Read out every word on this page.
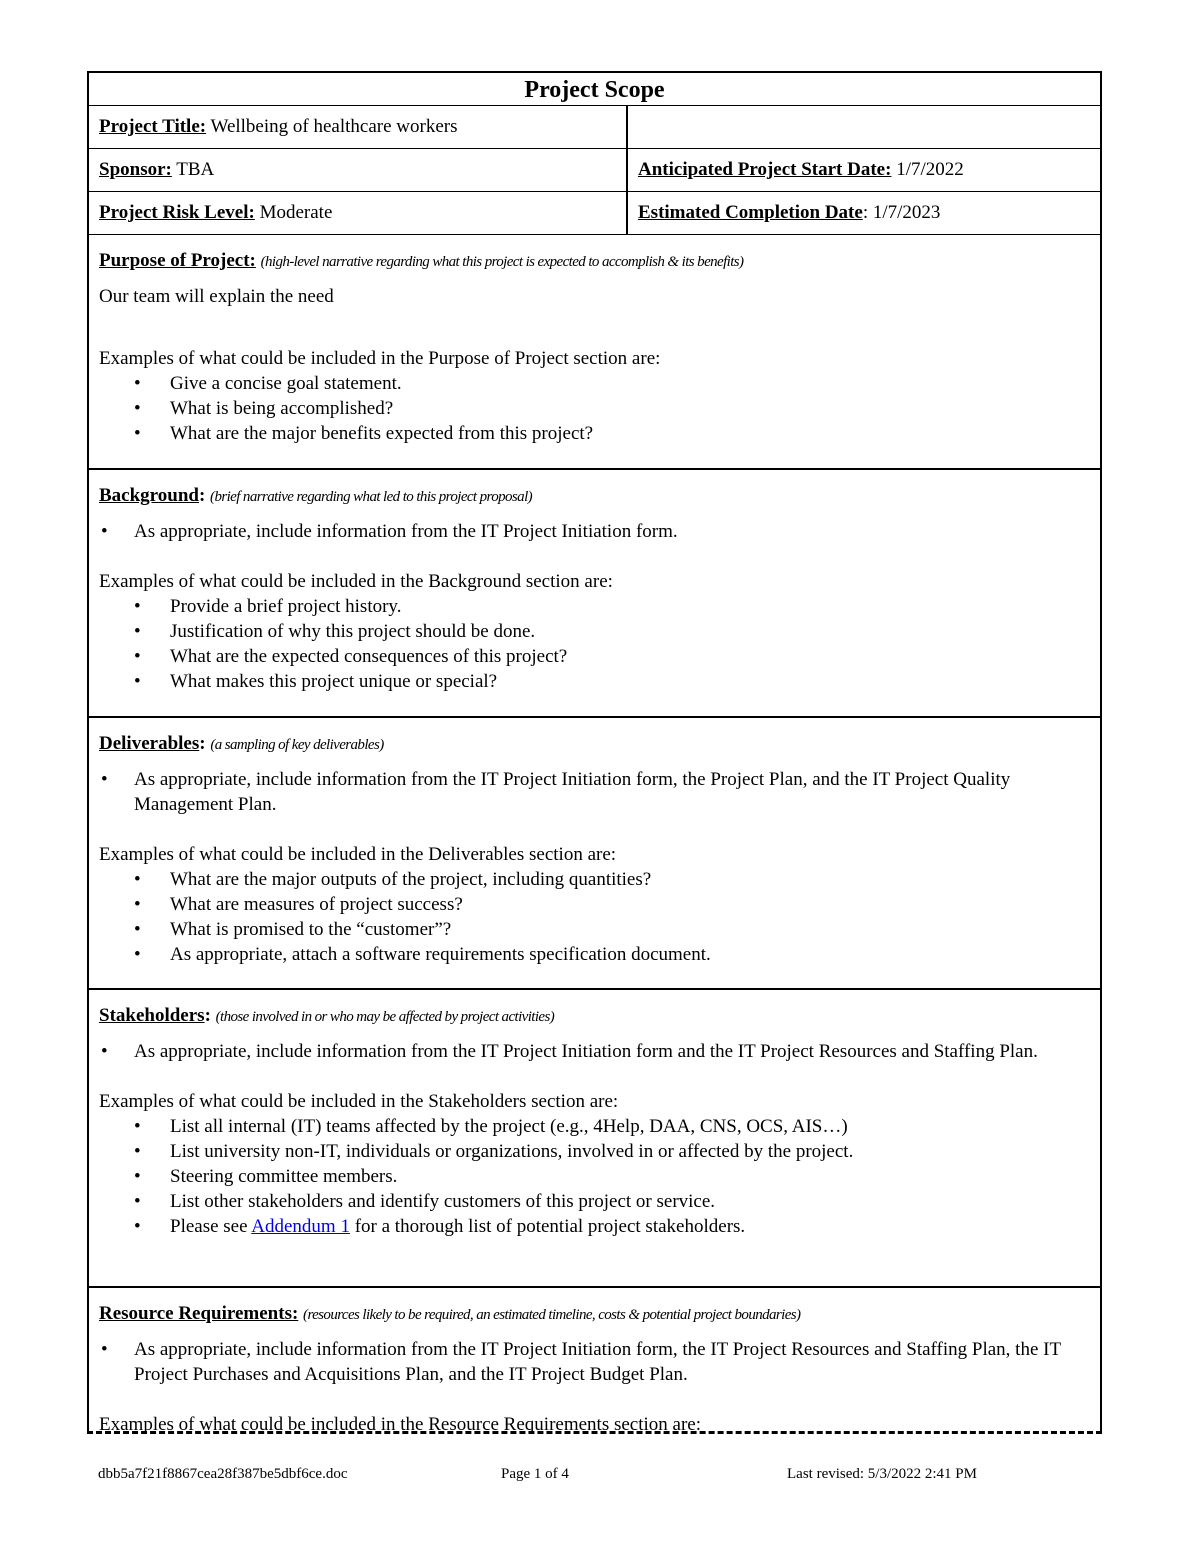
Project Scope
Project Title: Wellbeing of healthcare workers
Sponsor: TBA	Anticipated Project Start Date: 1/7/2022
Project Risk Level: Moderate	Estimated Completion Date: 1/7/2023
Purpose of Project: (high-level narrative regarding what this project is expected to accomplish & its benefits)

Our team will explain the need

Examples of what could be included in the Purpose of Project section are:

• Give a concise goal statement.
• What is being accomplished?
• What are the major benefits expected from this project?
Background: (brief narrative regarding what led to this project proposal)
• As appropriate, include information from the IT Project Initiation form.

Examples of what could be included in the Background section are:

• Provide a brief project history.
• Justification of why this project should be done.
• What are the expected consequences of this project?
• What makes this project unique or special?
Deliverables: (a sampling of key deliverables)
• As appropriate, include information from the IT Project Initiation form, the Project Plan, and the IT Project Quality Management Plan.

Examples of what could be included in the Deliverables section are:

• What are the major outputs of the project, including quantities?
• What are measures of project success?
• What is promised to the “customer”?
• As appropriate, attach a software requirements specification document.
Stakeholders: (those involved in or who may be affected by project activities)
• As appropriate, include information from the IT Project Initiation form and the IT Project Resources and Staffing Plan.

Examples of what could be included in the Stakeholders section are:

• List all internal (IT) teams affected by the project (e.g., 4Help, DAA, CNS, OCS, AIS…)
• List university non-IT, individuals or organizations, involved in or affected by the project.
• Steering committee members.
• List other stakeholders and identify customers of this project or service.
• Please see Addendum 1 for a thorough list of potential project stakeholders.
Resource Requirements: (resources likely to be required, an estimated timeline, costs & potential project boundaries)
• As appropriate, include information from the IT Project Initiation form, the IT Project Resources and Staffing Plan, the IT Project Purchases and Acquisitions Plan, and the IT Project Budget Plan.

Examples of what could be included in the Resource Requirements section are:

dbb5a7f21f8867cea28f387be5dbf6ce.doc	Page 1 of 4	Last revised: 5/3/2022 2:41 PM
